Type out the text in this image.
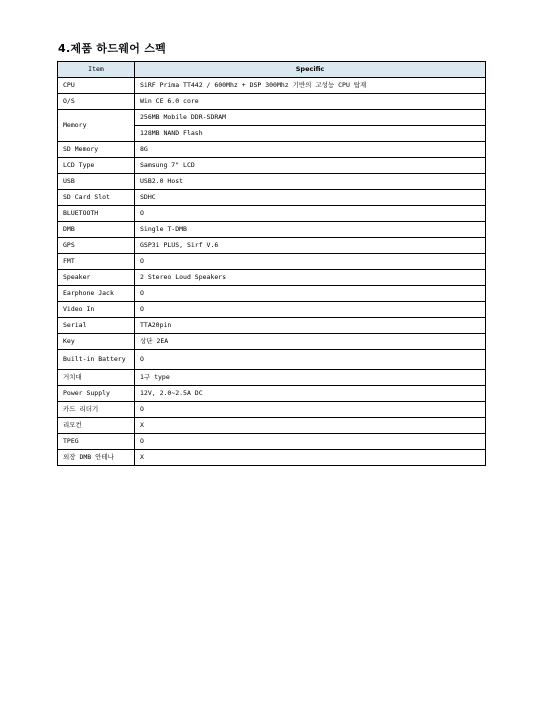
4.제품 하드웨어 스펙
Item	Specific
CPU	SiRF Prima TT442 / 600Mhz + DSP 300Mhz 기반의 고성능 CPU 탑재
O/S	Win CE 6.0 core
Memory	256MB Mobile DDR-SDRAM
	128MB NAND Flash
SD Memory	8G
LCD Type	Samsung 7" LCD
USB	USB2.0 Host
SD Card Slot	SDHC
BLUETOOTH	O
DMB	Single T-DMB
GPS	GSP3i PLUS, Sirf V.6
FMT	O
Speaker	2 Stereo Loud Speakers
Earphone Jack	O
Video In	O
Serial	TTA20pin
Key	상단 2EA
Built-in Battery	O
거치대	1구 type
Power Supply	12V, 2.0~2.5A DC
카드 리더기	O
리모컨	X
TPEG	O
외장 DMB 안테나	X
